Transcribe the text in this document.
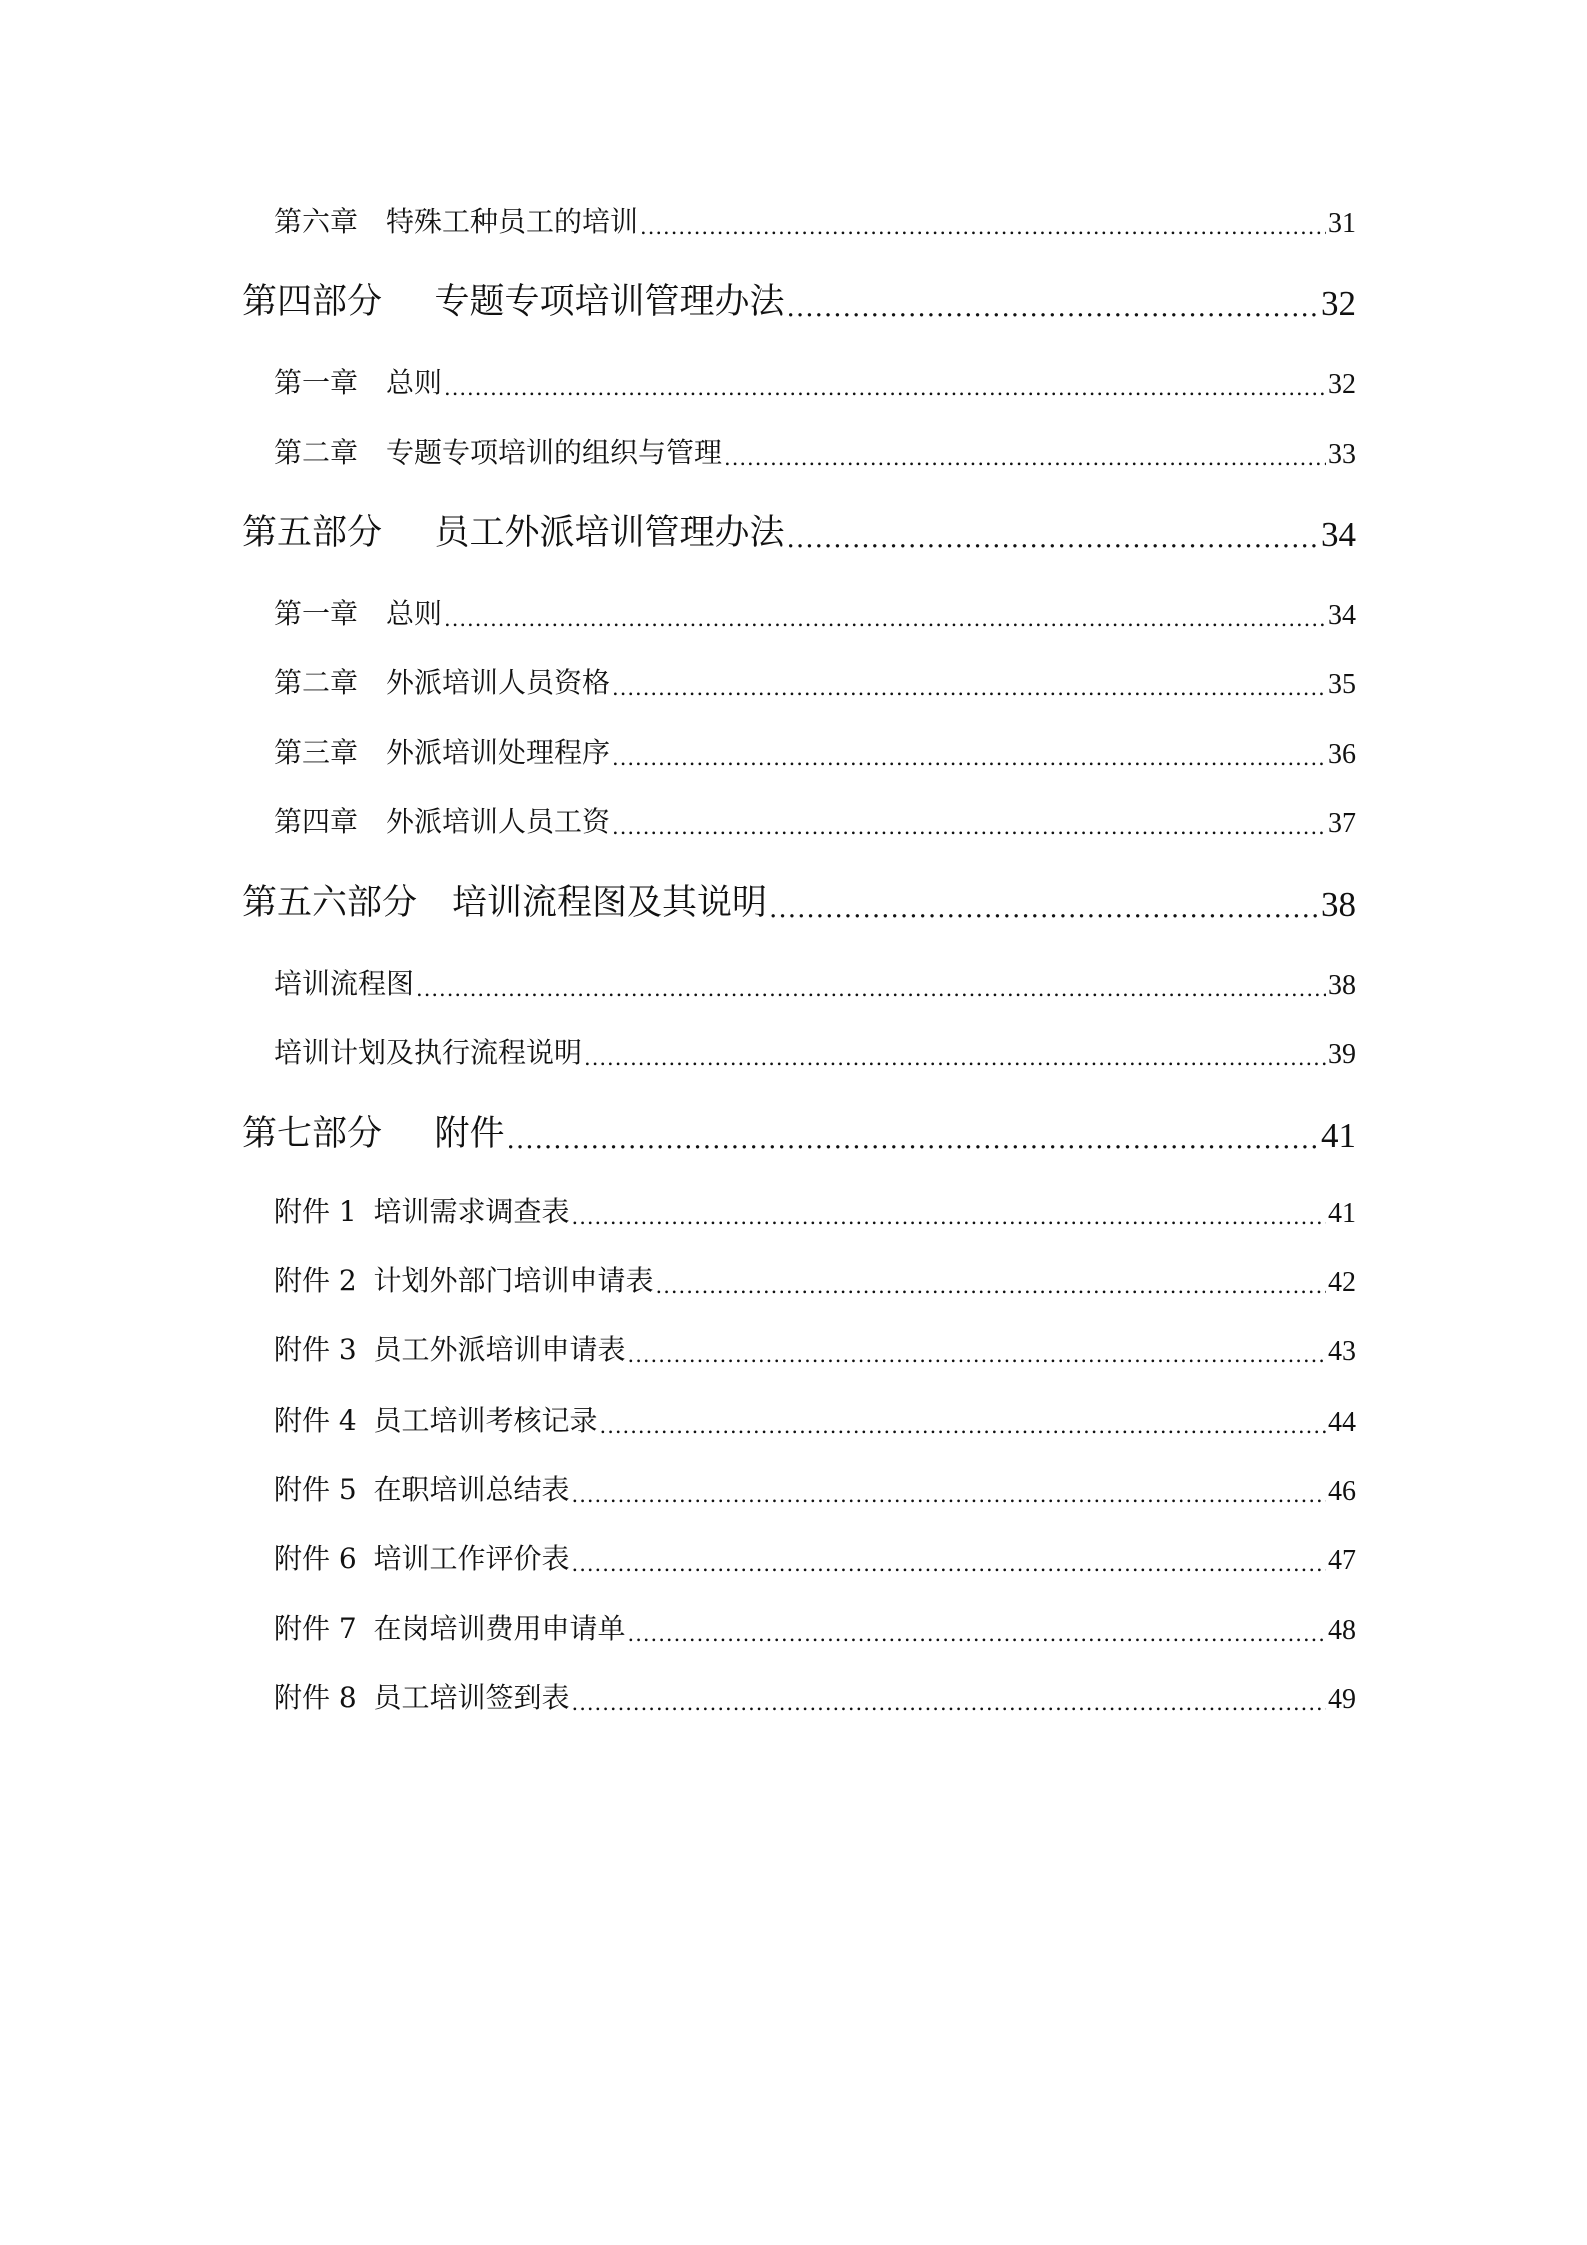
第六章 特殊工种员工的培训 .....	31
第四部分 专题专项培训管理办法 .....	32
第一章 总则 .....	32
第二章 专题专项培训的组织与管理 .....	33
第五部分 员工外派培训管理办法 .....	34
第一章 总则 .....	34
第二章 外派培训人员资格 .....	35
第三章 外派培训处理程序 .....	36
第四章 外派培训人员工资 .....	37
第五六部分 培训流程图及其说明 .....	38
培训流程图 .....	38
培训计划及执行流程说明 .....	39
第七部分 附件 .....	41
附件 1 培训需求调查表 .....	41
附件 2 计划外部门培训申请表 .....	42
附件 3 员工外派培训申请表 .....	43
附件 4 员工培训考核记录 .....	44
附件 5 在职培训总结表 .....	46
附件 6 培训工作评价表 .....	47
附件 7 在岗培训费用申请单 .....	48
附件 8 员工培训签到表 .....	49
